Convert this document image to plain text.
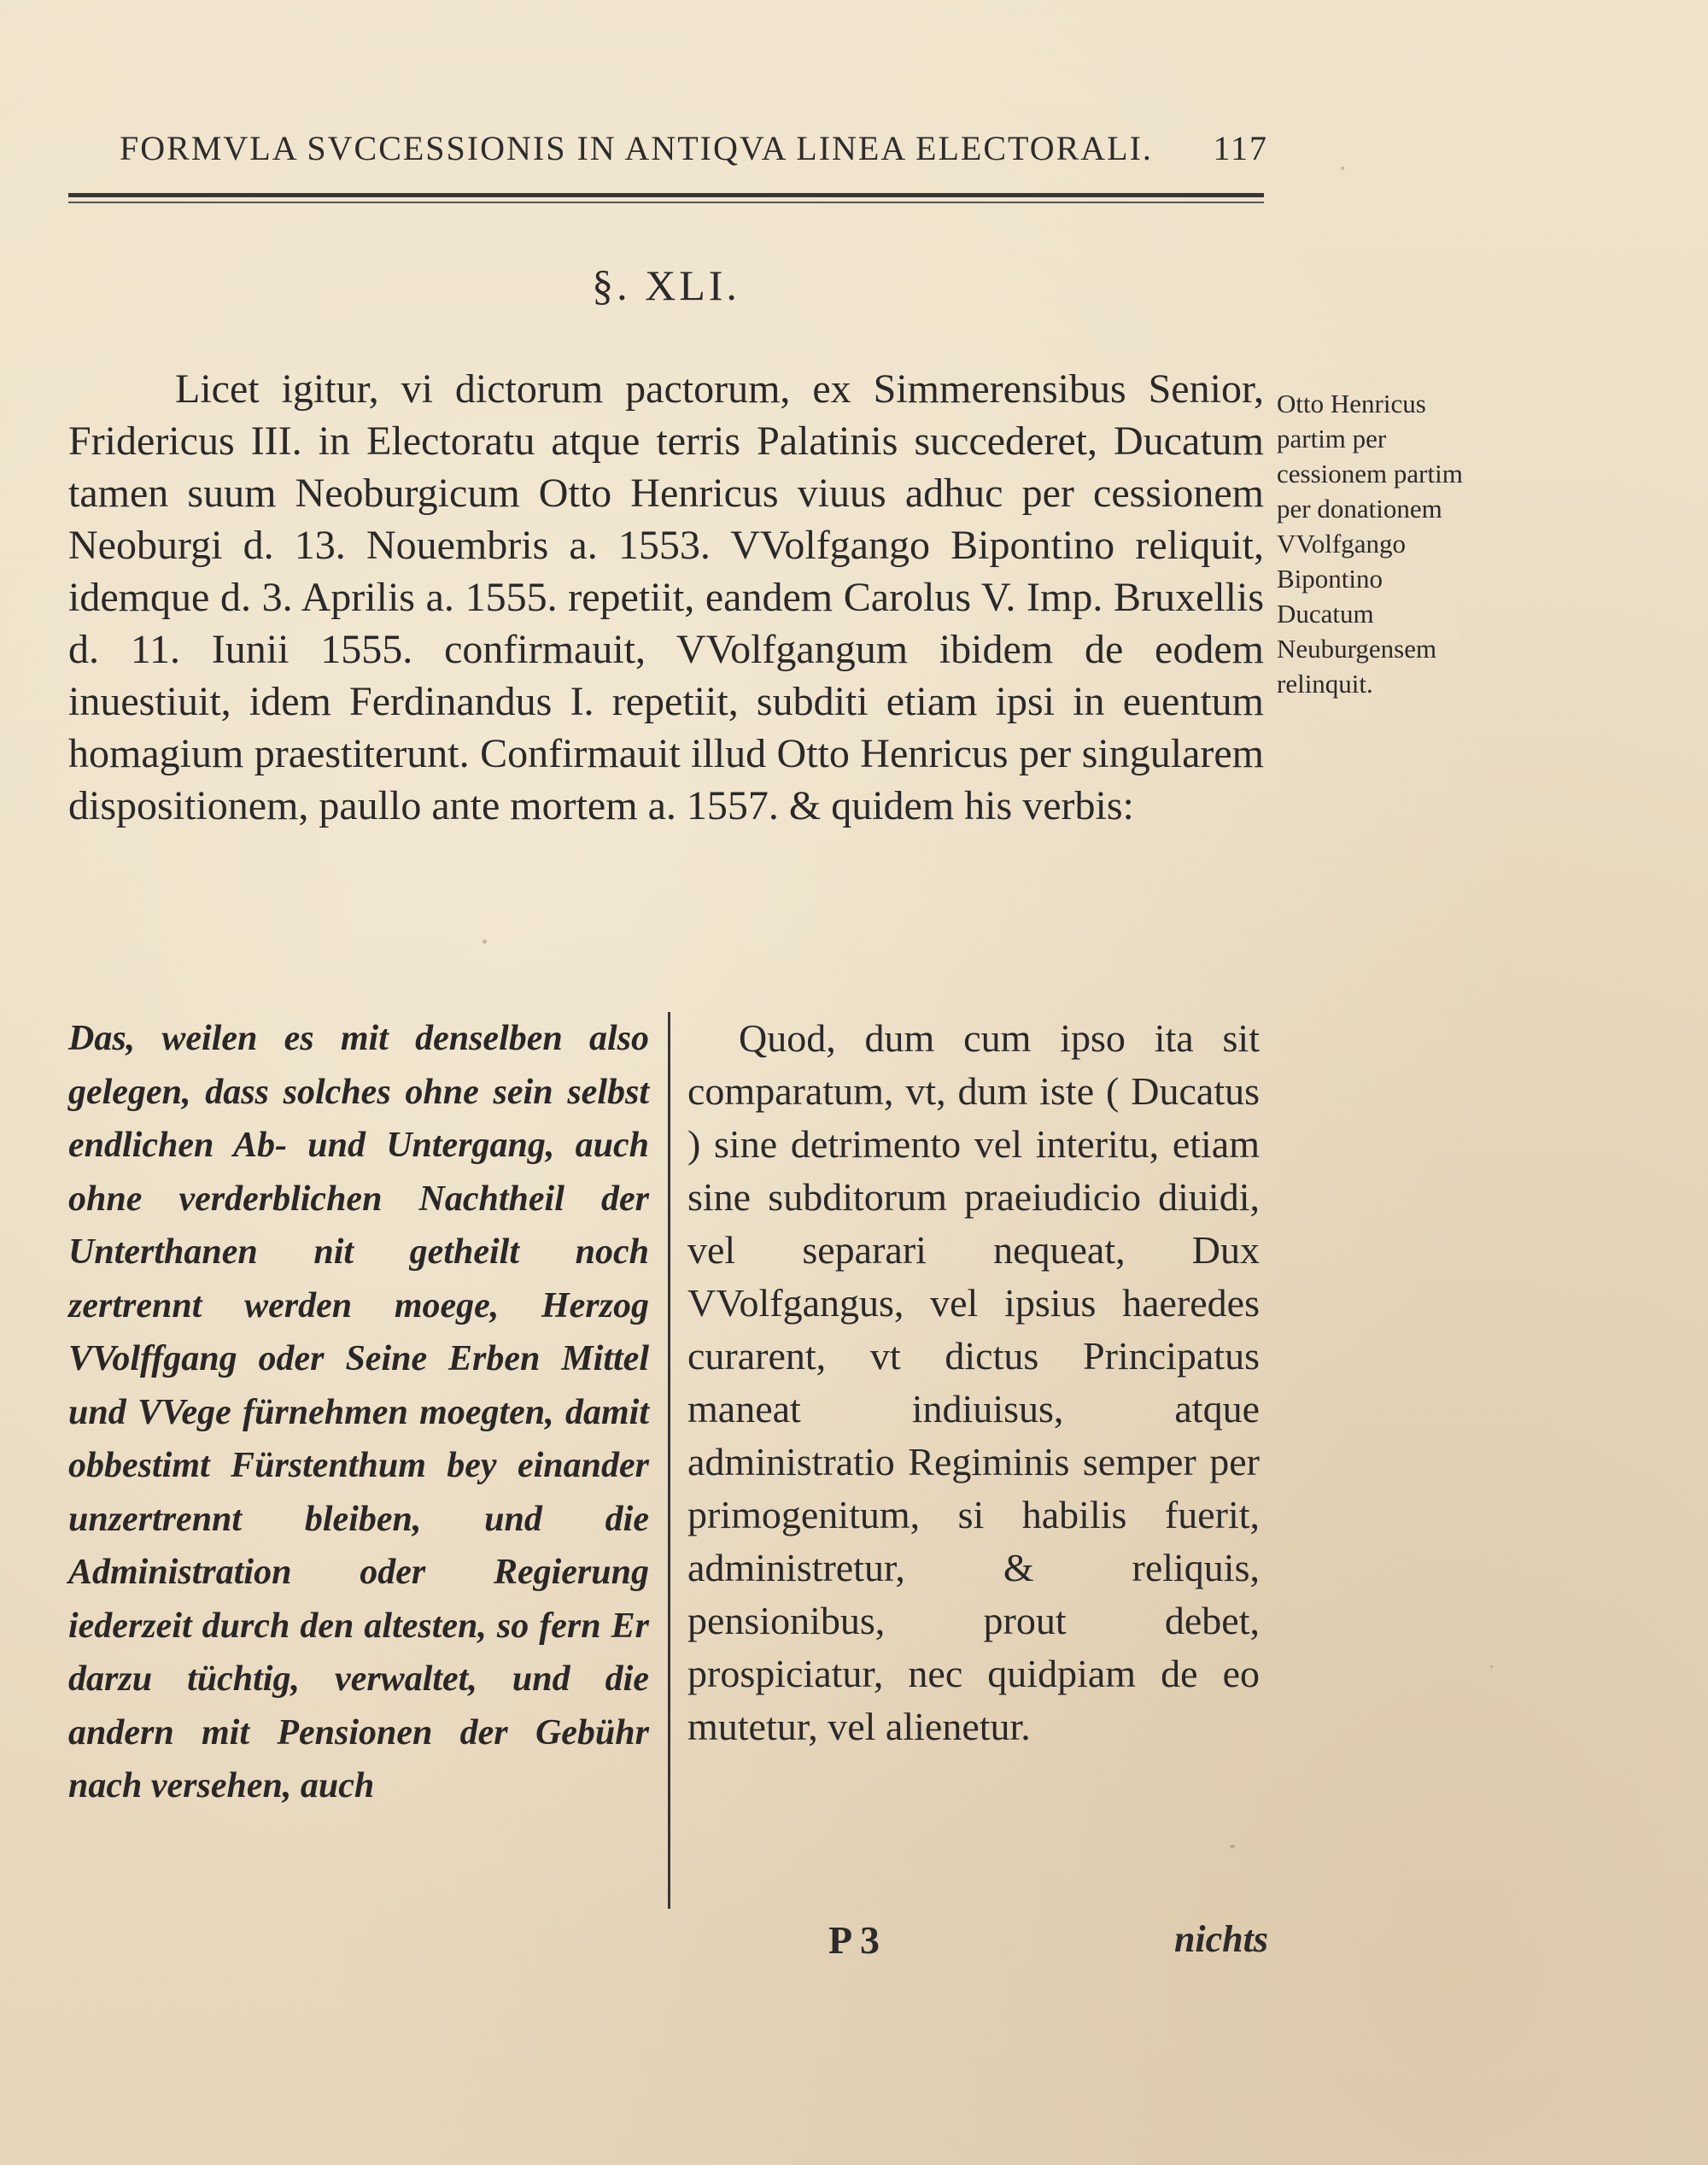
FORMVLA SVCCESSIONIS IN ANTIQVA LINEA ELECTORALI. 117
§. XLI.

Licet igitur, vi dictorum pactorum, ex Simmerensibus Senior, Fridericus III. in Electoratu atque terris Palatinis succederet, Ducatum tamen suum Neoburgicum Otto Henricus viuus adhuc per cessionem Neoburgi d. 13. Nouembris a. 1553. VVolfgango Bipontino reliquit, idemque d. 3. Aprilis a. 1555. repetiit, eandem Carolus V. Imp. Bruxellis d. 11. Iunii 1555. confirmauit, VVolfgangum ibidem de eodem inuestiuit, idem Ferdinandus I. repetiit, subditi etiam ipsi in euentum homagium praestiterunt. Confirmauit illud Otto Henricus per singularem dispositionem, paullo ante mortem a. 1557. & quidem his verbis:

Otto Henricus partim per cessionem partim per donationem VVolfgango Bipontino Ducatum Neuburgensem relinquit.

Das, weilen es mit denselben also gelegen, dass solches ohne sein selbst endlichen Ab- und Untergang, auch ohne verderblichen Nachtheil der Unterthanen nit getheilt noch zertrennt werden moege, Herzog VVolffgang oder Seine Erben Mittel und VVege fürnehmen moegten, damit obbestimt Fürstenthum bey einander unzertrennt bleiben, und die Administration oder Regierung iederzeit durch den altesten, so fern Er darzu tüchtig, verwaltet, und die andern mit Pensionen der Gebühr nach versehen, auch

Quod, dum cum ipso ita sit comparatum, vt, dum iste ( Ducatus ) sine detrimento vel interitu, etiam sine subditorum praeiudicio diuidi, vel separari nequeat, Dux VVolfgangus, vel ipsius haeredes curarent, vt dictus Principatus maneat indiuisus, atque administratio Regiminis semper per primogenitum, si habilis fuerit, administretur, & reliquis, pensionibus, prout debet, prospiciatur, nec quidpiam de eo mutetur, vel alienetur.

P 3	nichts
